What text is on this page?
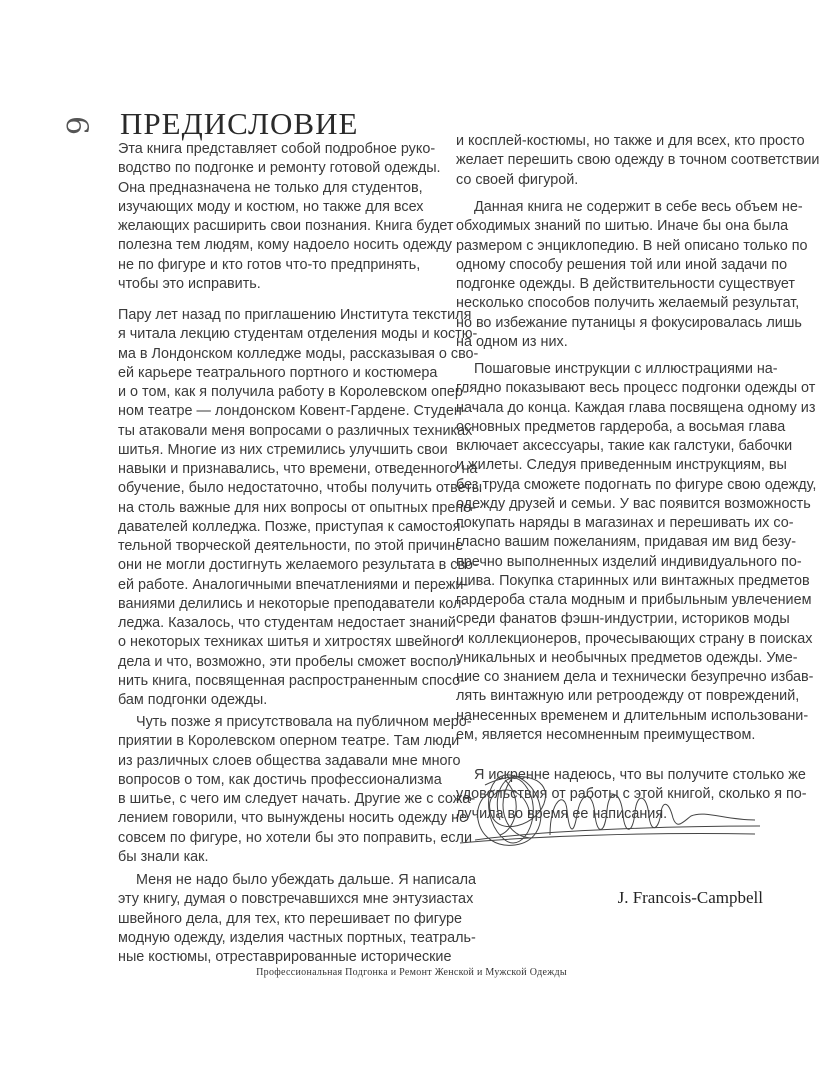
6 ПРЕДИСЛОВИЕ
Эта книга представляет собой подробное руко-
водство по подгонке и ремонту готовой одежды.
Она предназначена не только для студентов,
изучающих моду и костюм, но также для всех
желающих расширить свои познания. Книга будет
полезна тем людям, кому надоело носить одежду
не по фигуре и кто готов что-то предпринять,
чтобы это исправить.
Пару лет назад по приглашению Института текстиля
я читала лекцию студентам отделения моды и костю-
ма в Лондонском колледже моды, рассказывая о сво-
ей карьере театрального портного и костюмера
и о том, как я получила работу в Королевском опер-
ном театре — лондонском Ковент-Гардене. Студен-
ты атаковали меня вопросами о различных техниках
шитья. Многие из них стремились улучшить свои
навыки и признавались, что времени, отведенного на
обучение, было недостаточно, чтобы получить ответы
на столь важные для них вопросы от опытных препо-
давателей колледжа. Позже, приступая к самостоя-
тельной творческой деятельности, по этой причине
они не могли достигнуть желаемого результата в сво-
ей работе. Аналогичными впечатлениями и пережи-
ваниями делились и некоторые преподаватели кол-
леджа. Казалось, что студентам недостает знаний
о некоторых техниках шитья и хитростях швейного
дела и что, возможно, эти пробелы сможет воспол-
нить книга, посвященная распространенным спосо-
бам подгонки одежды.
Чуть позже я присутствовала на публичном меро-
приятии в Королевском оперном театре. Там люди
из различных слоев общества задавали мне много
вопросов о том, как достичь профессионализма
в шитье, с чего им следует начать. Другие же с сожа-
лением говорили, что вынуждены носить одежду не
совсем по фигуре, но хотели бы это поправить, если
бы знали как.
Меня не надо было убеждать дальше. Я написала
эту книгу, думая о повстречавшихся мне энтузиастах
швейного дела, для тех, кто перешивает по фигуре
модную одежду, изделия частных портных, театраль-
ные костюмы, отреставрированные исторические
и косплей-костюмы, но также и для всех, кто просто
желает перешить свою одежду в точном соответствии
со своей фигурой.
Данная книга не содержит в себе весь объем не-
обходимых знаний по шитью. Иначе бы она была
размером с энциклопедию. В ней описано только по
одному способу решения той или иной задачи по
подгонке одежды. В действительности существует
несколько способов получить желаемый результат,
но во избежание путаницы я фокусировалась лишь
на одном из них.
Пошаговые инструкции с иллюстрациями на-
глядно показывают весь процесс подгонки одежды от
начала до конца. Каждая глава посвящена одному из
основных предметов гардероба, а восьмая глава
включает аксессуары, такие как галстуки, бабочки
и жилеты. Следуя приведенным инструкциям, вы
без труда сможете подогнать по фигуре свою одежду,
одежду друзей и семьи. У вас появится возможность
покупать наряды в магазинах и перешивать их со-
гласно вашим пожеланиям, придавая им вид безу-
пречно выполненных изделий индивидуального по-
шива. Покупка старинных или винтажных предметов
гардероба стала модным и прибыльным увлечением
среди фанатов фэшн-индустрии, историков моды
и коллекционеров, прочесывающих страну в поисках
уникальных и необычных предметов одежды. Уме-
ние со знанием дела и технически безупречно избав-
лять винтажную или ретроодежду от повреждений,
нанесенных временем и длительным использовани-
ем, является несомненным преимуществом.
Я искренне надеюсь, что вы получите столько же
удовольствия от работы с этой книгой, сколько я по-
лучила во время ее написания.
J. Francois-Campbell
Профессиональная Подгонка и Ремонт Женской и Мужской Одежды
